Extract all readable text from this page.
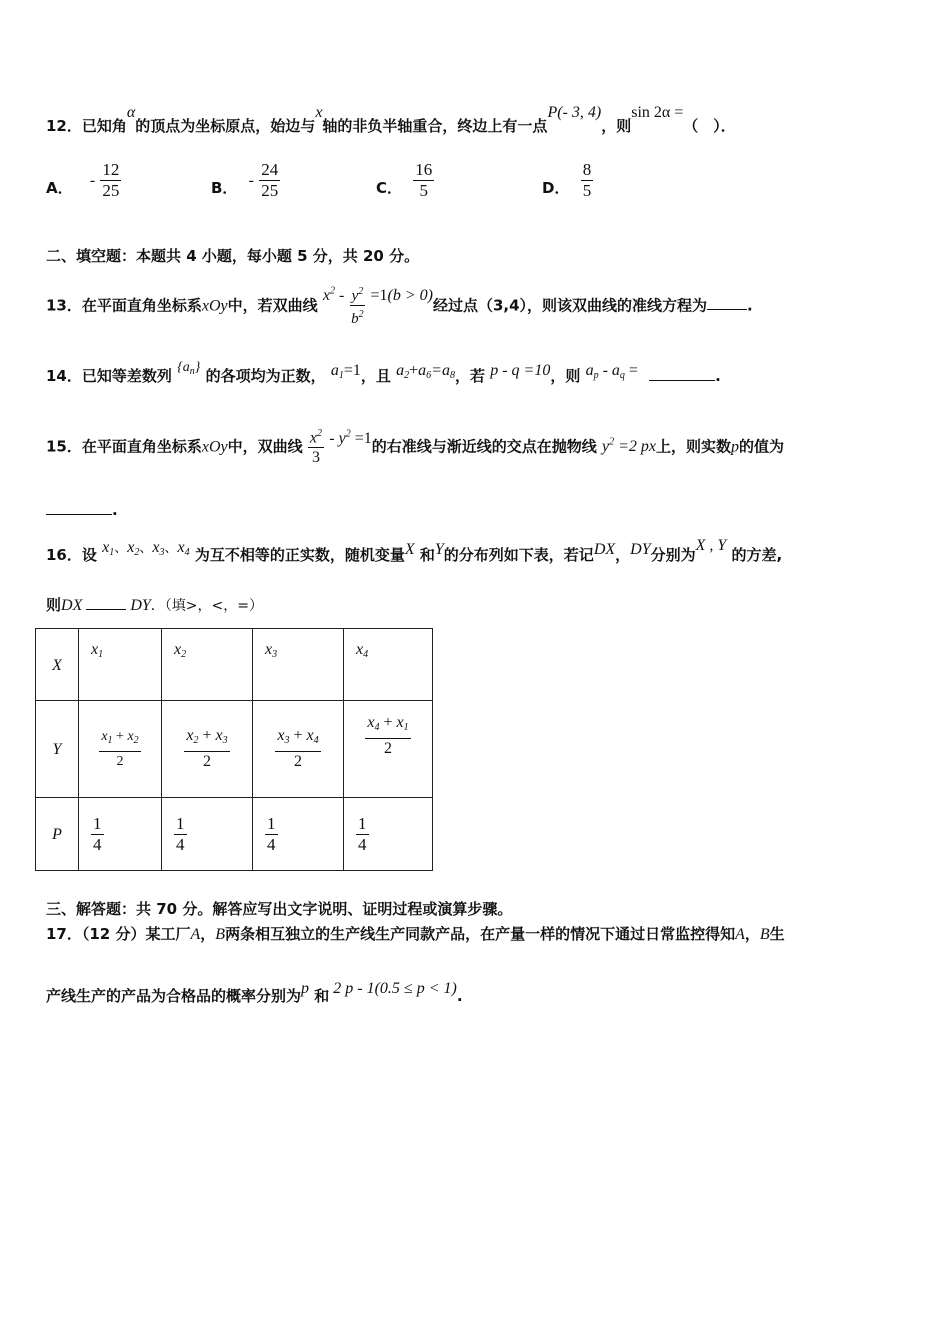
12．已知角α的顶点为坐标原点，始边与x轴的非负半轴重合，终边上有一点P(- 3, 4)，则sin 2α =（　）．
A． - $\frac{12}{25}$	B． - $\frac{24}{25}$	C． $\frac{16}{5}$	D． $\frac{8}{5}$
二、填空题：本题共 4 小题，每小题 5 分，共 20 分。
13．在平面直角坐标系xOy中，若双曲线 $x^2 - \frac{y^2}{b^2} =1(b > 0)$经过点（3,4），则该双曲线的准线方程为	.
14．已知等差数列 $\{a_n\}$ 的各项均为正数， $a_1=1$，且 $a_2+a_6=a_8$，若 p - q =10，则 $a_p - a_q$ =	.
15．在平面直角坐标系xOy中，双曲线 $\frac{x^2}{3} - y^2 =1$的右准线与渐近线的交点在抛物线 $y^2 =2$ px上，则实数p的值为
.
16．设 $x_1$、$x_2$、$x_3$、$x_4$ 为互不相等的正实数，随机变量X 和Y的分布列如下表，若记DX，DY分别为X , Y 的方差,
则DX	DY．（填>，<，=）
X	$x_1$	$x_2$	$x_3$	$x_4$
Y	$\frac{x_1 + x_2}{2}$	$\frac{x_2 + x_3}{2}$	$\frac{x_3 + x_4}{2}$	$\frac{x_4 + x_1}{2}$

P	$\frac{1}{4}$	$\frac{1}{4}$	$\frac{1}{4}$	$\frac{1}{4}$
三、解答题：共 70 分。解答应写出文字说明、证明过程或演算步骤。
17．（12 分）某工厂A，B两条相互独立的生产线生产同款产品，在产量一样的情况下通过日常监控得知A，B生
产线生产的产品为合格品的概率分别为p 和 2 p - 1(0.5 ≤ p < 1).
